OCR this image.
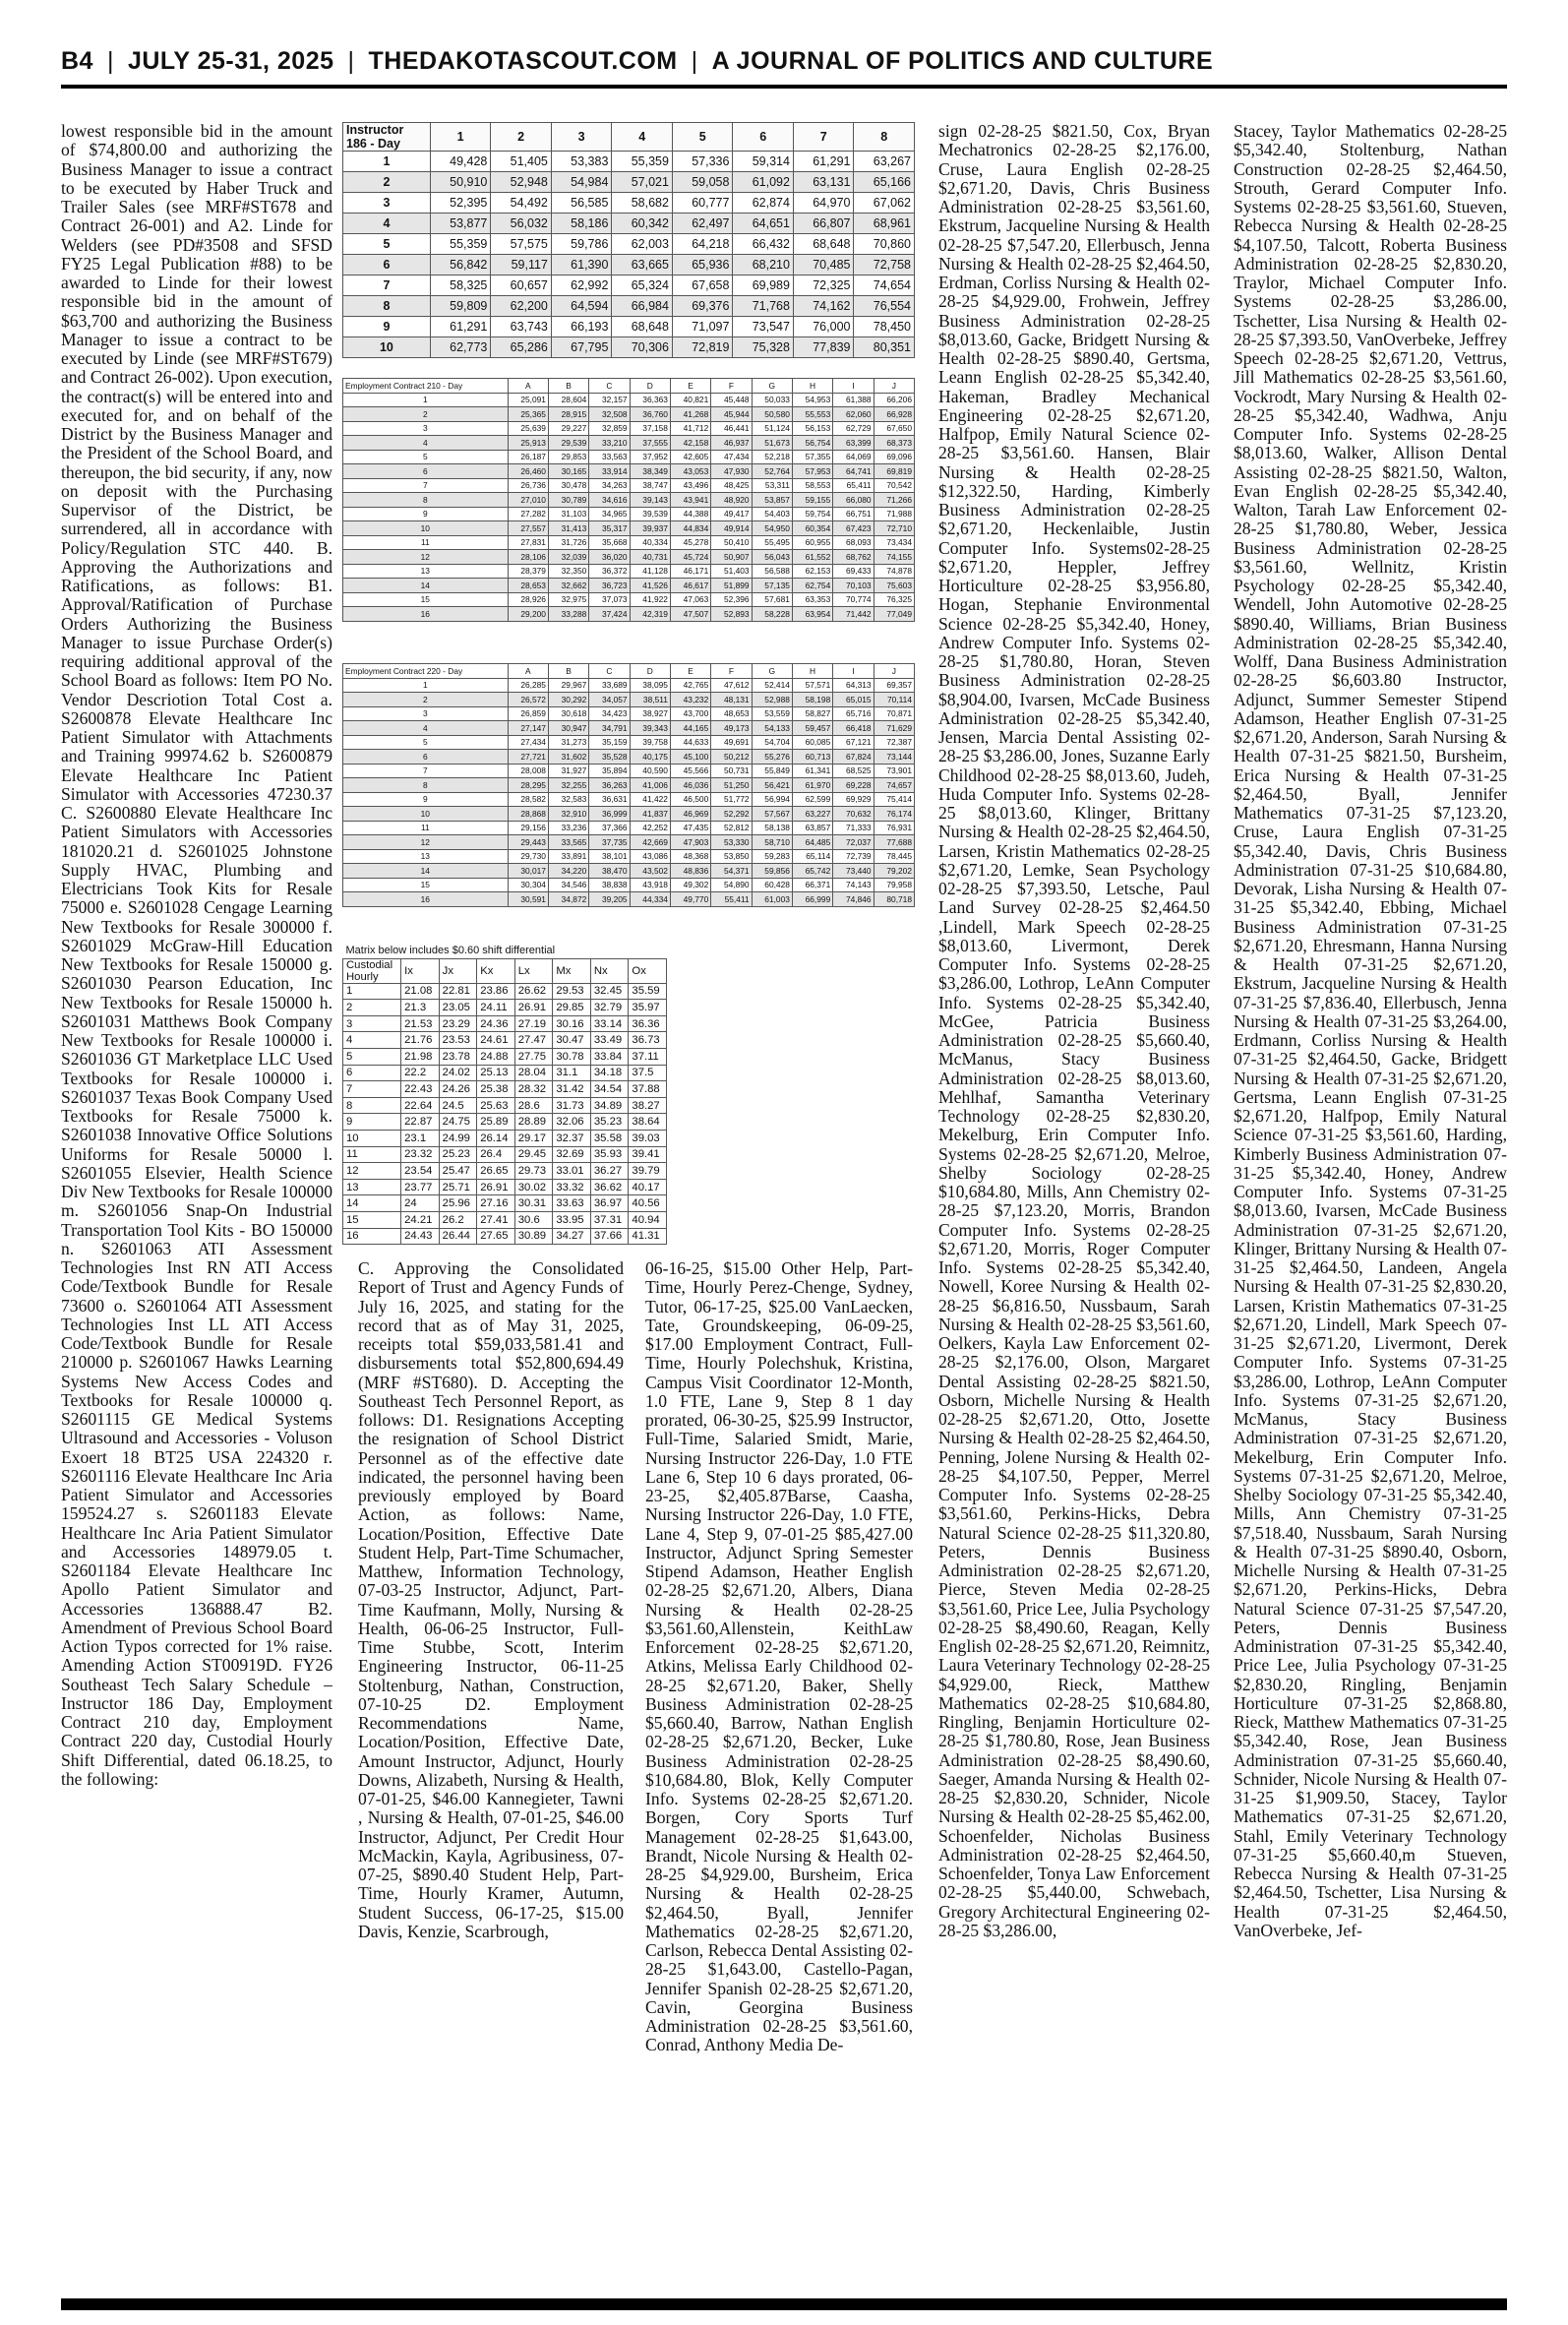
B4 | JULY 25-31, 2025 | THEDAKOTASCOUT.COM | A JOURNAL OF POLITICS AND CULTURE

lowest responsible bid in the amount of $74,800.00 and authorizing the Business Manager to issue a contract to be executed by Haber Truck and Trailer Sales (see MRF#ST678 and Contract 26-001) and A2. Linde for Welders (see PD#3508 and SFSD FY25 Legal Publication #88) to be awarded to Linde for their lowest responsible bid in the amount of $63,700 and authorizing the Business Manager to issue a contract to be executed by Linde (see MRF#ST679) and Contract 26-002). Upon execution, the contract(s) will be entered into and executed for, and on behalf of the District by the Business Manager and the President of the School Board, and thereupon, the bid security, if any, now on deposit with the Purchasing Supervisor of the District, be surrendered, all in accordance with Policy/Regulation STC 440. B. Approving the Authorizations and Ratifications, as follows: B1. Approval/Ratification of Purchase Orders Authorizing the Business Manager to issue Purchase Order(s) requiring additional approval of the School Board as follows: Item PO No. Vendor Descriotion Total Cost a. S2600878 Elevate Healthcare Inc Patient Simulator with Attachments and Training 99974.62 b. S2600879 Elevate Healthcare Inc Patient Simulator with Accessories 47230.37 C. S2600880 Elevate Healthcare Inc Patient Simulators with Accessories 181020.21 d. S2601025 Johnstone Supply HVAC, Plumbing and Electricians Took Kits for Resale 75000 e. S2601028 Cengage Learning New Textbooks for Resale 300000 f. S2601029 McGraw-Hill Education New Textbooks for Resale 150000 g. S2601030 Pearson Education, Inc New Textbooks for Resale 150000 h. S2601031 Matthews Book Company New Textbooks for Resale 100000 i. S2601036 GT Marketplace LLC Used Textbooks for Resale 100000 i. S2601037 Texas Book Company Used Textbooks for Resale 75000 k. S2601038 Innovative Office Solutions Uniforms for Resale 50000 l. S2601055 Elsevier, Health Science Div New Textbooks for Resale 100000 m. S2601056 Snap-On Industrial Transportation Tool Kits - BO 150000 n. S2601063 ATI Assessment Technologies Inst RN ATI Access Code/Textbook Bundle for Resale 73600 o. S2601064 ATI Assessment Technologies Inst LL ATI Access Code/Textbook Bundle for Resale 210000 p. S2601067 Hawks Learning Systems New Access Codes and Textbooks for Resale 100000 q. S2601115 GE Medical Systems Ultrasound and Accessories - Voluson Exoert 18 BT25 USA 224320 r. S2601116 Elevate Healthcare Inc Aria Patient Simulator and Accessories 159524.27 s. S2601183 Elevate Healthcare Inc Aria Patient Simulator and Accessories 148979.05 t. S2601184 Elevate Healthcare Inc Apollo Patient Simulator and Accessories 136888.47 B2. Amendment of Previous School Board Action Typos corrected for 1% raise. Amending Action ST00919D. FY26 Southeast Tech Salary Schedule – Instructor 186 Day, Employment Contract 210 day, Employment Contract 220 day, Custodial Hourly Shift Differential, dated 06.18.25, to the following:

C. Approving the Consolidated Report of Trust and Agency Funds of July 16, 2025, and stating for the record that as of May 31, 2025, receipts total $59,033,581.41 and disbursements total $52,800,694.49 (MRF #ST680). D. Accepting the Southeast Tech Personnel Report, as follows: D1. Resignations Accepting the resignation of School District Personnel as of the effective date indicated, the personnel having been previously employed by Board Action, as follows: Name, Location/Position, Effective Date Student Help, Part-Time Schumacher, Matthew, Information Technology, 07-03-25 Instructor, Adjunct, Part-Time Kaufmann, Molly, Nursing & Health, 06-06-25 Instructor, Full-Time Stubbe, Scott, Interim Engineering Instructor, 06-11-25 Stoltenburg, Nathan, Construction, 07-10-25 D2. Employment Recommendations Name, Location/Position, Effective Date, Amount Instructor, Adjunct, Hourly Downs, Alizabeth, Nursing & Health, 07-01-25, $46.00 Kannegieter, Tawni , Nursing & Health, 07-01-25, $46.00 Instructor, Adjunct, Per Credit Hour McMackin, Kayla, Agribusiness, 07-07-25, $890.40 Student Help, Part-Time, Hourly Kramer, Autumn, Student Success, 06-17-25, $15.00 Davis, Kenzie, Scarbrough,

06-16-25, $15.00 Other Help, Part-Time, Hourly Perez-Chenge, Sydney, Tutor, 06-17-25, $25.00 VanLaecken, Tate, Groundskeeping, 06-09-25, $17.00 Employment Contract, Full-Time, Hourly Polechshuk, Kristina, Campus Visit Coordinator 12-Month, 1.0 FTE, Lane 9, Step 8 1 day prorated, 06-30-25, $25.99 Instructor, Full-Time, Salaried Smidt, Marie, Nursing Instructor 226-Day, 1.0 FTE Lane 6, Step 10 6 days prorated, 06-23-25, $2,405.87Barse, Caasha, Nursing Instructor 226-Day, 1.0 FTE, Lane 4, Step 9, 07-01-25 $85,427.00 Instructor, Adjunct Spring Semester Stipend Adamson, Heather English 02-28-25 $2,671.20, Albers, Diana Nursing & Health 02-28-25 $3,561.60,Allenstein, KeithLaw Enforcement 02-28-25 $2,671.20, Atkins, Melissa Early Childhood 02-28-25 $2,671.20, Baker, Shelly Business Administration 02-28-25 $5,660.40, Barrow, Nathan English 02-28-25 $2,671.20, Becker, Luke Business Administration 02-28-25 $10,684.80, Blok, Kelly Computer Info. Systems 02-28-25 $2,671.20. Borgen, Cory Sports Turf Management 02-28-25 $1,643.00, Brandt, Nicole Nursing & Health 02-28-25 $4,929.00, Bursheim, Erica Nursing & Health 02-28-25 $2,464.50, Byall, Jennifer Mathematics 02-28-25 $2,671.20, Carlson, Rebecca Dental Assisting 02-28-25 $1,643.00, Castello-Pagan, Jennifer Spanish 02-28-25 $2,671.20, Cavin, Georgina Business Administration 02-28-25 $3,561.60, Conrad, Anthony Media De-

sign 02-28-25 $821.50, Cox, Bryan Mechatronics 02-28-25 $2,176.00, Cruse, Laura English 02-28-25 $2,671.20, Davis, Chris Business Administration 02-28-25 $3,561.60, Ekstrum, Jacqueline Nursing & Health 02-28-25 $7,547.20, Ellerbusch, Jenna Nursing & Health 02-28-25 $2,464.50, Erdman, Corliss Nursing & Health 02-28-25 $4,929.00, Frohwein, Jeffrey Business Administration 02-28-25 $8,013.60, Gacke, Bridgett Nursing & Health 02-28-25 $890.40, Gertsma, Leann English 02-28-25 $5,342.40, Hakeman, Bradley Mechanical Engineering 02-28-25 $2,671.20, Halfpop, Emily Natural Science 02-28-25 $3,561.60. Hansen, Blair Nursing & Health 02-28-25 $12,322.50, Harding, Kimberly Business Administration 02-28-25 $2,671.20, Heckenlaible, Justin Computer Info. Systems02-28-25 $2,671.20, Heppler, Jeffrey Horticulture 02-28-25 $3,956.80, Hogan, Stephanie Environmental Science 02-28-25 $5,342.40, Honey, Andrew Computer Info. Systems 02-28-25 $1,780.80, Horan, Steven Business Administration 02-28-25 $8,904.00, Ivarsen, McCade Business Administration 02-28-25 $5,342.40, Jensen, Marcia Dental Assisting 02-28-25 $3,286.00, Jones, Suzanne Early Childhood 02-28-25 $8,013.60, Judeh, Huda Computer Info. Systems 02-28-25 $8,013.60, Klinger, Brittany Nursing & Health 02-28-25 $2,464.50, Larsen, Kristin Mathematics 02-28-25 $2,671.20, Lemke, Sean Psychology 02-28-25 $7,393.50, Letsche, Paul Land Survey 02-28-25 $2,464.50 ,Lindell, Mark Speech 02-28-25 $8,013.60, Livermont, Derek Computer Info. Systems 02-28-25 $3,286.00, Lothrop, LeAnn Computer Info. Systems 02-28-25 $5,342.40, McGee, Patricia Business Administration 02-28-25 $5,660.40, McManus, Stacy Business Administration 02-28-25 $8,013.60, Mehlhaf, Samantha Veterinary Technology 02-28-25 $2,830.20, Mekelburg, Erin Computer Info. Systems 02-28-25 $2,671.20, Melroe, Shelby Sociology 02-28-25 $10,684.80, Mills, Ann Chemistry 02-28-25 $7,123.20, Morris, Brandon Computer Info. Systems 02-28-25 $2,671.20, Morris, Roger Computer Info. Systems 02-28-25 $5,342.40, Nowell, Koree Nursing & Health 02-28-25 $6,816.50, Nussbaum, Sarah Nursing & Health 02-28-25 $3,561.60, Oelkers, Kayla Law Enforcement 02-28-25 $2,176.00, Olson, Margaret Dental Assisting 02-28-25 $821.50, Osborn, Michelle Nursing & Health 02-28-25 $2,671.20, Otto, Josette Nursing & Health 02-28-25 $2,464.50, Penning, Jolene Nursing & Health 02-28-25 $4,107.50, Pepper, Merrel Computer Info. Systems 02-28-25 $3,561.60, Perkins-Hicks, Debra Natural Science 02-28-25 $11,320.80, Peters, Dennis Business Administration 02-28-25 $2,671.20, Pierce, Steven Media 02-28-25 $3,561.60, Price Lee, Julia Psychology 02-28-25 $8,490.60, Reagan, Kelly English 02-28-25 $2,671.20, Reimnitz, Laura Veterinary Technology 02-28-25 $4,929.00, Rieck, Matthew Mathematics 02-28-25 $10,684.80, Ringling, Benjamin Horticulture 02-28-25 $1,780.80, Rose, Jean Business Administration 02-28-25 $8,490.60, Saeger, Amanda Nursing & Health 02-28-25 $2,830.20, Schnider, Nicole Nursing & Health 02-28-25 $5,462.00, Schoenfelder, Nicholas Business Administration 02-28-25 $2,464.50, Schoenfelder, Tonya Law Enforcement 02-28-25 $5,440.00, Schwebach, Gregory Architectural Engineering 02-28-25 $3,286.00,

Stacey, Taylor Mathematics 02-28-25 $5,342.40, Stoltenburg, Nathan Construction 02-28-25 $2,464.50, Strouth, Gerard Computer Info. Systems 02-28-25 $3,561.60, Stueven, Rebecca Nursing & Health 02-28-25 $4,107.50, Talcott, Roberta Business Administration 02-28-25 $2,830.20, Traylor, Michael Computer Info. Systems 02-28-25 $3,286.00, Tschetter, Lisa Nursing & Health 02-28-25 $7,393.50, VanOverbeke, Jeffrey Speech 02-28-25 $2,671.20, Vettrus, Jill Mathematics 02-28-25 $3,561.60, Vockrodt, Mary Nursing & Health 02-28-25 $5,342.40, Wadhwa, Anju Computer Info. Systems 02-28-25 $8,013.60, Walker, Allison Dental Assisting 02-28-25 $821.50, Walton, Evan English 02-28-25 $5,342.40, Walton, Tarah Law Enforcement 02-28-25 $1,780.80, Weber, Jessica Business Administration 02-28-25 $3,561.60, Wellnitz, Kristin Psychology 02-28-25 $5,342.40, Wendell, John Automotive 02-28-25 $890.40, Williams, Brian Business Administration 02-28-25 $5,342.40, Wolff, Dana Business Administration 02-28-25 $6,603.80 Instructor, Adjunct, Summer Semester Stipend Adamson, Heather English 07-31-25 $2,671.20, Anderson, Sarah Nursing & Health 07-31-25 $821.50, Bursheim, Erica Nursing & Health 07-31-25 $2,464.50, Byall, Jennifer Mathematics 07-31-25 $7,123.20, Cruse, Laura English 07-31-25 $5,342.40, Davis, Chris Business Administration 07-31-25 $10,684.80, Devorak, Lisha Nursing & Health 07-31-25 $5,342.40, Ebbing, Michael Business Administration 07-31-25 $2,671.20, Ehresmann, Hanna Nursing & Health 07-31-25 $2,671.20, Ekstrum, Jacqueline Nursing & Health 07-31-25 $7,836.40, Ellerbusch, Jenna Nursing & Health 07-31-25 $3,264.00, Erdmann, Corliss Nursing & Health 07-31-25 $2,464.50, Gacke, Bridgett Nursing & Health 07-31-25 $2,671.20, Gertsma, Leann English 07-31-25 $2,671.20, Halfpop, Emily Natural Science 07-31-25 $3,561.60, Harding, Kimberly Business Administration 07-31-25 $5,342.40, Honey, Andrew Computer Info. Systems 07-31-25 $8,013.60, Ivarsen, McCade Business Administration 07-31-25 $2,671.20, Klinger, Brittany Nursing & Health 07-31-25 $2,464.50, Landeen, Angela Nursing & Health 07-31-25 $2,830.20, Larsen, Kristin Mathematics 07-31-25 $2,671.20, Lindell, Mark Speech 07-31-25 $2,671.20, Livermont, Derek Computer Info. Systems 07-31-25 $3,286.00, Lothrop, LeAnn Computer Info. Systems 07-31-25 $2,671.20, McManus, Stacy Business Administration 07-31-25 $2,671.20, Mekelburg, Erin Computer Info. Systems 07-31-25 $2,671.20, Melroe, Shelby Sociology 07-31-25 $5,342.40, Mills, Ann Chemistry 07-31-25 $7,518.40, Nussbaum, Sarah Nursing & Health 07-31-25 $890.40, Osborn, Michelle Nursing & Health 07-31-25 $2,671.20, Perkins-Hicks, Debra Natural Science 07-31-25 $7,547.20, Peters, Dennis Business Administration 07-31-25 $5,342.40, Price Lee, Julia Psychology 07-31-25 $2,830.20, Ringling, Benjamin Horticulture 07-31-25 $2,868.80, Rieck, Matthew Mathematics 07-31-25 $5,342.40, Rose, Jean Business Administration 07-31-25 $5,660.40, Schnider, Nicole Nursing & Health 07-31-25 $1,909.50, Stacey, Taylor Mathematics 07-31-25 $2,671.20, Stahl, Emily Veterinary Technology 07-31-25 $5,660.40,m Stueven, Rebecca Nursing & Health 07-31-25 $2,464.50, Tschetter, Lisa Nursing & Health 07-31-25 $2,464.50, VanOverbeke, Jef-

Instructor
186 - Day	1	2	3	4	5	6	7	8
1	49,428	51,405	53,383	55,359	57,336	59,314	61,291	63,267
2	50,910	52,948	54,984	57,021	59,058	61,092	63,131	65,166
3	52,395	54,492	56,585	58,682	60,777	62,874	64,970	67,062
4	53,877	56,032	58,186	60,342	62,497	64,651	66,807	68,961
5	55,359	57,575	59,786	62,003	64,218	66,432	68,648	70,860
6	56,842	59,117	61,390	63,665	65,936	68,210	70,485	72,758
7	58,325	60,657	62,992	65,324	67,658	69,989	72,325	74,654
8	59,809	62,200	64,594	66,984	69,376	71,768	74,162	76,554
9	61,291	63,743	66,193	68,648	71,097	73,547	76,000	78,450
10	62,773	65,286	67,795	70,306	72,819	75,328	77,839	80,351
Employment Contract 210 - Day	A	B	C	D	E	F	G	H	I	J
1	25,091	28,604	32,157	36,363	40,821	45,448	50,033	54,953	61,388	66,206
2	25,365	28,915	32,508	36,760	41,268	45,944	50,580	55,553	62,060	66,928
3	25,639	29,227	32,859	37,158	41,712	46,441	51,124	56,153	62,729	67,650
4	25,913	29,539	33,210	37,555	42,158	46,937	51,673	56,754	63,399	68,373
5	26,187	29,853	33,563	37,952	42,605	47,434	52,218	57,355	64,069	69,096
6	26,460	30,165	33,914	38,349	43,053	47,930	52,764	57,953	64,741	69,819
7	26,736	30,478	34,263	38,747	43,496	48,425	53,311	58,553	65,411	70,542
8	27,010	30,789	34,616	39,143	43,941	48,920	53,857	59,155	66,080	71,266
9	27,282	31,103	34,965	39,539	44,388	49,417	54,403	59,754	66,751	71,988
10	27,557	31,413	35,317	39,937	44,834	49,914	54,950	60,354	67,423	72,710
11	27,831	31,726	35,668	40,334	45,278	50,410	55,495	60,955	68,093	73,434
12	28,106	32,039	36,020	40,731	45,724	50,907	56,043	61,552	68,762	74,155
13	28,379	32,350	36,372	41,128	46,171	51,403	56,588	62,153	69,433	74,878
14	28,653	32,662	36,723	41,526	46,617	51,899	57,135	62,754	70,103	75,603
15	28,926	32,975	37,073	41,922	47,063	52,396	57,681	63,353	70,774	76,325
16	29,200	33,288	37,424	42,319	47,507	52,893	58,228	63,954	71,442	77,049
Employment Contract 220 - Day	A	B	C	D	E	F	G	H	I	J
1	26,285	29,967	33,689	38,095	42,765	47,612	52,414	57,571	64,313	69,357
2	26,572	30,292	34,057	38,511	43,232	48,131	52,988	58,198	65,015	70,114
3	26,859	30,618	34,423	38,927	43,700	48,653	53,559	58,827	65,716	70,871
4	27,147	30,947	34,791	39,343	44,165	49,173	54,133	59,457	66,418	71,629
5	27,434	31,273	35,159	39,758	44,633	49,691	54,704	60,085	67,121	72,387
6	27,721	31,602	35,528	40,175	45,100	50,212	55,276	60,713	67,824	73,144
7	28,008	31,927	35,894	40,590	45,566	50,731	55,849	61,341	68,525	73,901
8	28,295	32,255	36,263	41,006	46,036	51,250	56,421	61,970	69,228	74,657
9	28,582	32,583	36,631	41,422	46,500	51,772	56,994	62,599	69,929	75,414
10	28,868	32,910	36,999	41,837	46,969	52,292	57,567	63,227	70,632	76,174
11	29,156	33,236	37,366	42,252	47,435	52,812	58,138	63,857	71,333	76,931
12	29,443	33,565	37,735	42,669	47,903	53,330	58,710	64,485	72,037	77,688
13	29,730	33,891	38,101	43,086	48,368	53,850	59,283	65,114	72,739	78,445
14	30,017	34,220	38,470	43,502	48,836	54,371	59,856	65,742	73,440	79,202
15	30,304	34,546	38,838	43,918	49,302	54,890	60,428	66,371	74,143	79,958
16	30,591	34,872	39,205	44,334	49,770	55,411	61,003	66,999	74,846	80,718
Matrix below includes $0.60 shift differential							

Custodial
Hourly	Ix	Jx	Kx	Lx	Mx	Nx	Ox
1	21.08	22.81	23.86	26.62	29.53	32.45	35.59
2	21.3	23.05	24.11	26.91	29.85	32.79	35.97
3	21.53	23.29	24.36	27.19	30.16	33.14	36.36
4	21.76	23.53	24.61	27.47	30.47	33.49	36.73
5	21.98	23.78	24.88	27.75	30.78	33.84	37.11
6	22.2	24.02	25.13	28.04	31.1	34.18	37.5
7	22.43	24.26	25.38	28.32	31.42	34.54	37.88
8	22.64	24.5	25.63	28.6	31.73	34.89	38.27
9	22.87	24.75	25.89	28.89	32.06	35.23	38.64
10	23.1	24.99	26.14	29.17	32.37	35.58	39.03
11	23.32	25.23	26.4	29.45	32.69	35.93	39.41
12	23.54	25.47	26.65	29.73	33.01	36.27	39.79
13	23.77	25.71	26.91	30.02	33.32	36.62	40.17
14	24	25.96	27.16	30.31	33.63	36.97	40.56
15	24.21	26.2	27.41	30.6	33.95	37.31	40.94
16	24.43	26.44	27.65	30.89	34.27	37.66	41.31
